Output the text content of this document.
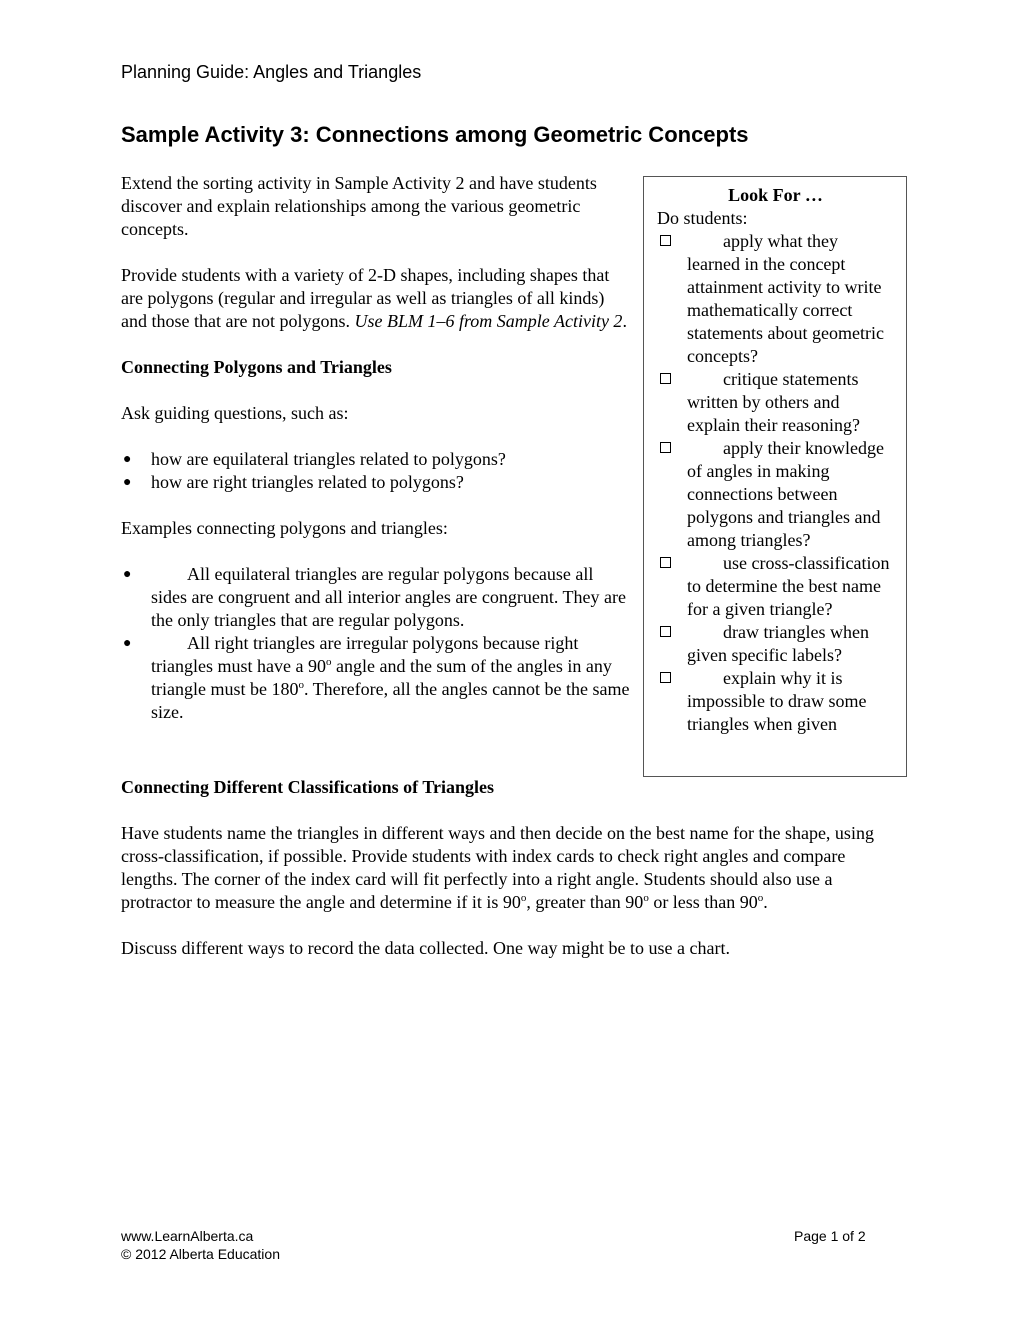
Planning Guide: Angles and Triangles
Sample Activity 3: Connections among Geometric Concepts

Extend the sorting activity in Sample Activity 2 and have students discover and explain relationships among the various geometric concepts.

Provide students with a variety of 2-D shapes, including shapes that are polygons (regular and irregular as well as triangles of all kinds) and those that are not polygons. Use BLM 1–6 from Sample Activity 2.

Connecting Polygons and Triangles

Ask guiding questions, such as:

● how are equilateral triangles related to polygons?
● how are right triangles related to polygons?

Examples connecting polygons and triangles:

●	All equilateral triangles are regular polygons because all sides are congruent and all interior angles are congruent. They are the only triangles that are regular polygons.
●	All right triangles are irregular polygons because right triangles must have a 90$^o$ angle and the sum of the angles in any triangle must be 180$^o$. Therefore, all the angles cannot be the same size.
Look For …
Do students:
apply what they learned in the concept attainment activity to write mathematically correct statements about geometric concepts?
critique statements written by others and explain their reasoning?
apply their knowledge of angles in making connections between polygons and triangles and among triangles?
use cross-classification to determine the best name for a given triangle?
draw triangles when given specific labels?
explain why it is impossible to draw some triangles when given

Connecting Different Classifications of Triangles

Have students name the triangles in different ways and then decide on the best name for the shape, using cross-classification, if possible. Provide students with index cards to check right angles and compare lengths. The corner of the index card will fit perfectly into a right angle. Students should also use a protractor to measure the angle and determine if it is 90$^o$, greater than 90$^o$ or less than 90$^o$.

Discuss different ways to record the data collected. One way might be to use a chart.

www.LearnAlberta.ca
© 2012 Alberta Education
Page 1 of 2
